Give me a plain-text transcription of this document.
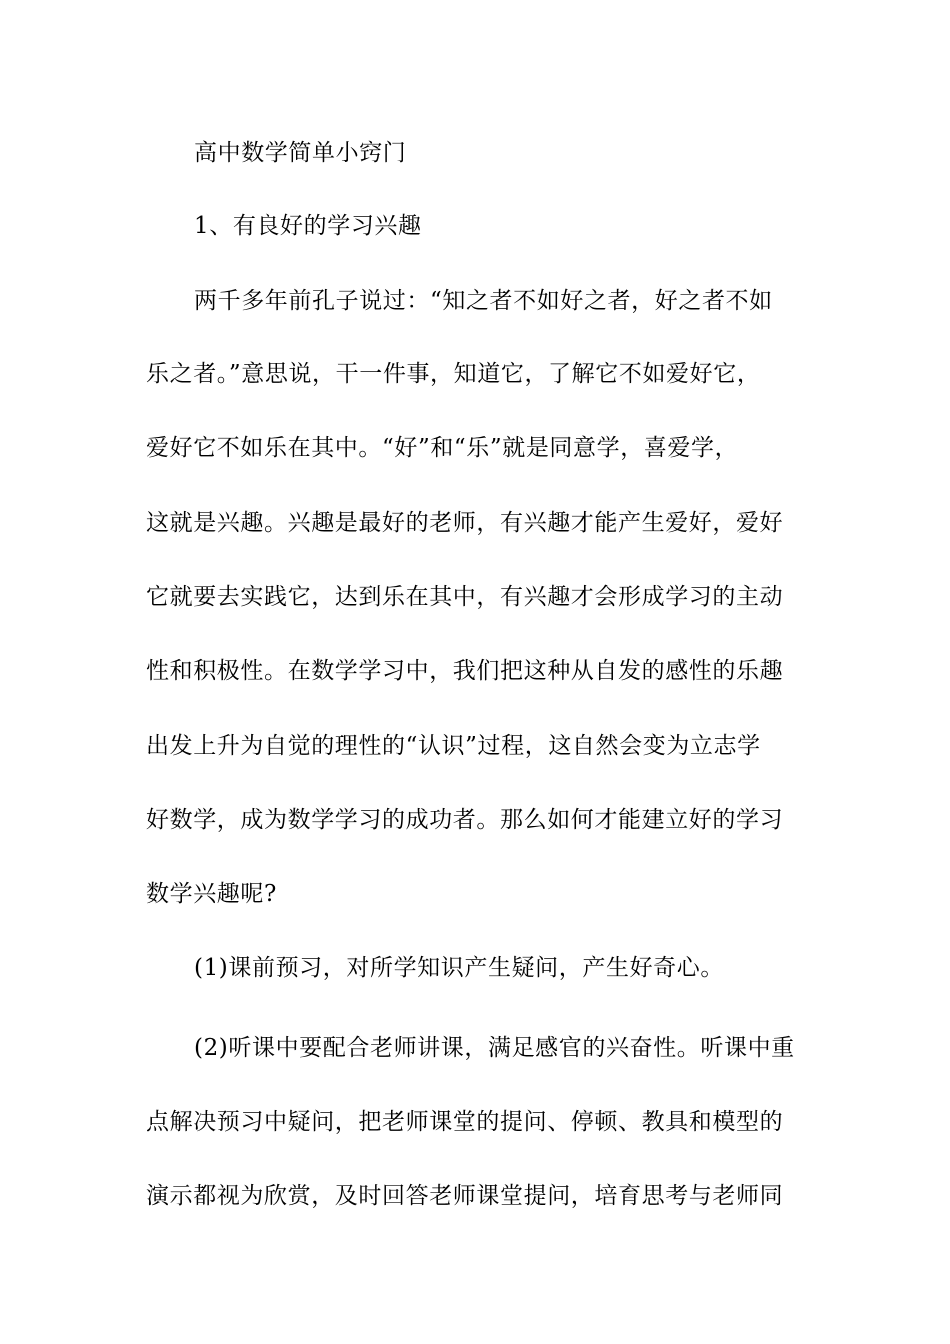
高中数学简单小窍门
1、有良好的学习兴趣
两千多年前孔子说过：“知之者不如好之者，好之者不如
乐之者。”意思说，干一件事，知道它，了解它不如爱好它，
爱好它不如乐在其中。“好”和“乐”就是同意学，喜爱学，
这就是兴趣。兴趣是最好的老师，有兴趣才能产生爱好，爱好
它就要去实践它，达到乐在其中，有兴趣才会形成学习的主动
性和积极性。在数学学习中，我们把这种从自发的感性的乐趣
出发上升为自觉的理性的“认识”过程，这自然会变为立志学
好数学，成为数学学习的成功者。那么如何才能建立好的学习
数学兴趣呢?
(1)课前预习，对所学知识产生疑问，产生好奇心。
(2)听课中要配合老师讲课，满足感官的兴奋性。听课中重
点解决预习中疑问，把老师课堂的提问、停顿、教具和模型的
演示都视为欣赏，及时回答老师课堂提问，培育思考与老师同
